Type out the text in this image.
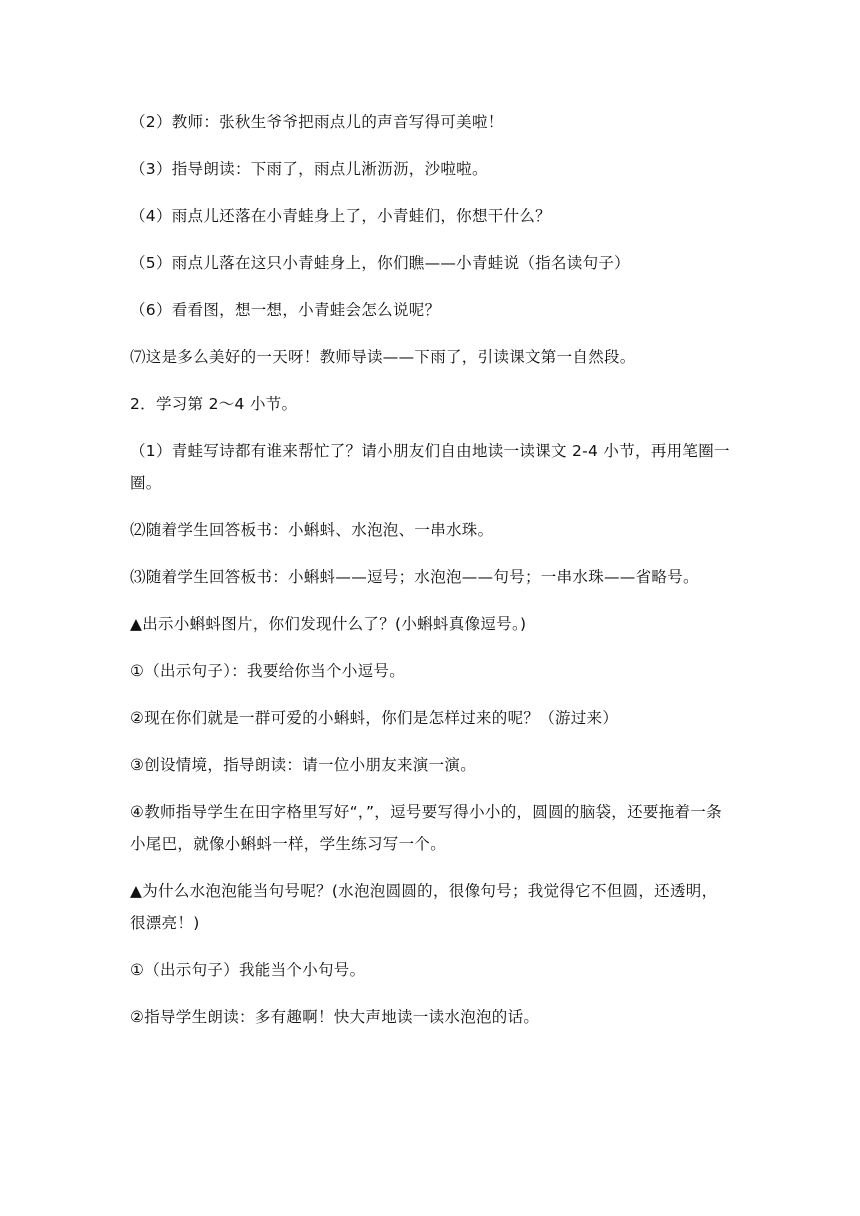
（2）教师：张秋生爷爷把雨点儿的声音写得可美啦！

（3）指导朗读：下雨了，雨点儿淅沥沥，沙啦啦。

（4）雨点儿还落在小青蛙身上了，小青蛙们，你想干什么？

（5）雨点儿落在这只小青蛙身上，你们瞧——小青蛙说（指名读句子）

（6）看看图，想一想，小青蛙会怎么说呢？

⑺这是多么美好的一天呀！教师导读——下雨了，引读课文第一自然段。

2．学习第 2～4 小节。

（1）青蛙写诗都有谁来帮忙了？请小朋友们自由地读一读课文 2-4 小节，再用笔圈一圈。

⑵随着学生回答板书：小蝌蚪、水泡泡、一串水珠。

⑶随着学生回答板书：小蝌蚪——逗号；水泡泡——句号；一串水珠——省略号。

▲出示小蝌蚪图片，你们发现什么了？(小蝌蚪真像逗号。)

①（出示句子）：我要给你当个小逗号。

②现在你们就是一群可爱的小蝌蚪，你们是怎样过来的呢？（游过来）

③创设情境，指导朗读：请一位小朋友来演一演。

④教师指导学生在田字格里写好“，”，逗号要写得小小的，圆圆的脑袋，还要拖着一条小尾巴，就像小蝌蚪一样，学生练习写一个。

▲为什么水泡泡能当句号呢？(水泡泡圆圆的，很像句号；我觉得它不但圆，还透明，很漂亮！)

①（出示句子）我能当个小句号。

②指导学生朗读：多有趣啊！快大声地读一读水泡泡的话。
